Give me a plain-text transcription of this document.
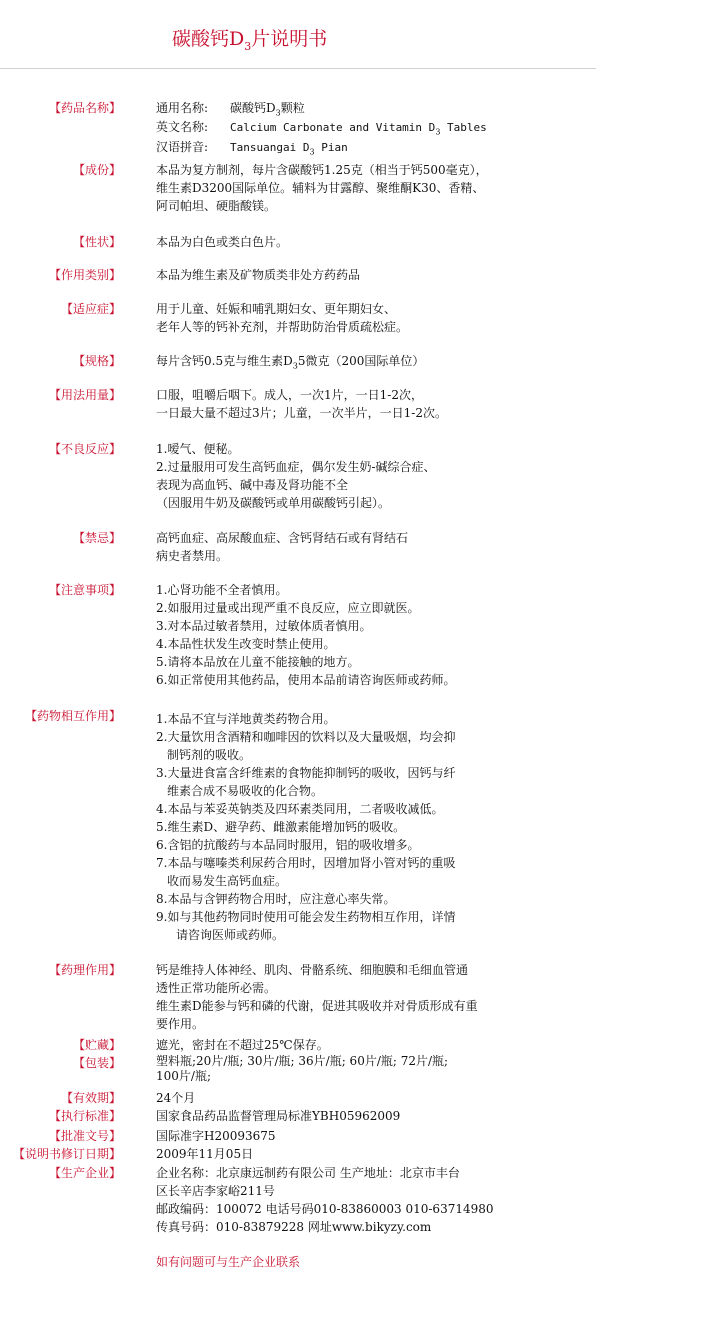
碳酸钙$D_3$片说明书
【药品名称】	通用名称: 碳酸钙$D_3$颗粒
英文名称: Calcium Carbonate and Vitamin $D_3$ Tables
汉语拼音: Tansuangai $D_3$ Pian
【成份】	本品为复方制剂，每片含碳酸钙1.25克（相当于钙500毫克），
维生素D3200国际单位。辅料为甘露醇、聚维酮K30、香精、
阿司帕坦、硬脂酸镁。
【性状】	本品为白色或类白色片。
【作用类别】	本品为维生素及矿物质类非处方药药品
【适应症】	用于儿童、妊娠和哺乳期妇女、更年期妇女、
老年人等的钙补充剂，并帮助防治骨质疏松症。
【规格】	每片含钙0.5克与维生素$D_35$微克（200国际单位）
【用法用量】	口服，咀嚼后咽下。成人，一次1片，一日1-2次，
一日最大量不超过3片；儿童，一次半片，一日1-2次。
【不良反应】	1.嗳气、便秘。
2.过量服用可发生高钙血症，偶尔发生奶-碱综合症、
表现为高血钙、碱中毒及肾功能不全
（因服用牛奶及碳酸钙或单用碳酸钙引起）。
【禁忌】	高钙血症、高尿酸血症、含钙肾结石或有肾结石
病史者禁用。
【注意事项】	1.心肾功能不全者慎用。
2.如服用过量或出现严重不良反应，应立即就医。
3.对本品过敏者禁用，过敏体质者慎用。
4.本品性状发生改变时禁止使用。
5.请将本品放在儿童不能接触的地方。
6.如正常使用其他药品，使用本品前请咨询医师或药师。
【药物相互作用】	1.本品不宜与洋地黄类药物合用。
2.大量饮用含酒精和咖啡因的饮料以及大量吸烟，均会抑
制钙剂的吸收。
3.大量进食富含纤维素的食物能抑制钙的吸收，因钙与纤
维素合成不易吸收的化合物。
4.本品与苯妥英钠类及四环素类同用，二者吸收减低。
5.维生素D、避孕药、雌激素能增加钙的吸收。
6.含铝的抗酸药与本品同时服用，铝的吸收增多。
7.本品与噻嗪类利尿药合用时，因增加肾小管对钙的重吸
收而易发生高钙血症。
8.本品与含钾药物合用时，应注意心率失常。
9.如与其他药物同时使用可能会发生药物相互作用，详情
请咨询医师或药师。
【药理作用】	钙是维持人体神经、肌肉、骨骼系统、细胞膜和毛细血管通
透性正常功能所必需。
维生素D能参与钙和磷的代谢，促进其吸收并对骨质形成有重
要作用。
【贮藏】	遮光，密封在不超过25℃保存。
【包装】	塑料瓶;20片/瓶; 30片/瓶; 36片/瓶; 60片/瓶; 72片/瓶;
100片/瓶;
【有效期】	24个月
【执行标准】	国家食品药品监督管理局标准YBH05962009
【批准文号】	国际准字H20093675
【说明书修订日期】	2009年11月05日
【生产企业】	企业名称：北京康远制药有限公司 生产地址：北京市丰台
区长辛店李家峪211号
邮政编码：100072 电话号码010-83860003 010-63714980
传真号码：010-83879228 网址www.bikyzy.com
如有问题可与生产企业联系
